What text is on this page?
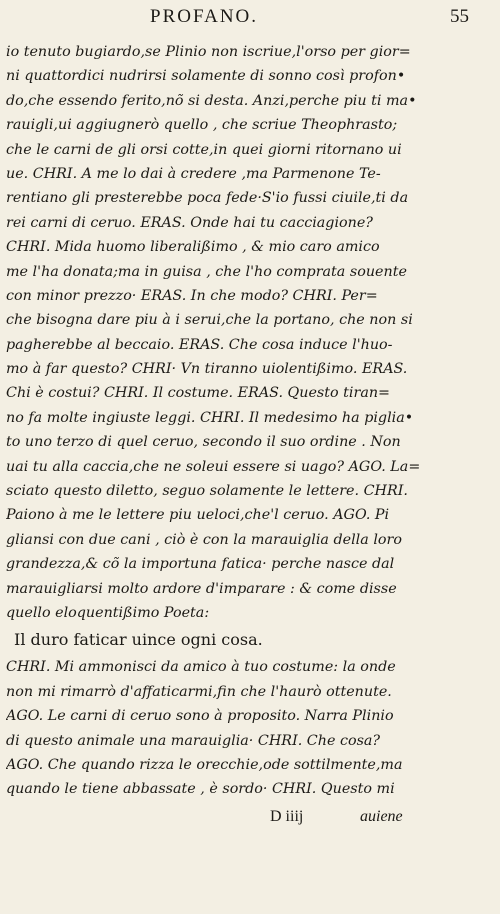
PROFANO.	55
io tenuto bugiardo,se Plinio non iscriue,l'orso per gior=
ni quattordici nudrirsi solamente di sonno così profon•
do,che essendo ferito,nõ si desta. Anzi,perche piu ti ma•
rauigli,ui aggiugnerò quello , che scriue Theophrasto;
che le carni de gli orsi cotte,in quei giorni ritornano ui
ue. CHRI. A me lo dai à credere ,ma Parmenone Te-
rentiano gli presterebbe poca fede·S'io fussi ciuile,ti da
rei carni di ceruo. ERAS. Onde hai tu cacciagione?
CHRI. Mida huomo liberalißimo , & mio caro amico
me l'ha donata;ma in guisa , che l'ho comprata souente
con minor prezzo· ERAS. In che modo? CHRI. Per=
che bisogna dare piu à i serui,che la portano, che non si
pagherebbe al beccaio. ERAS. Che cosa induce l'huo-
mo à far questo? CHRI· Vn tiranno uiolentißimo. ERAS.
Chi è costui? CHRI. Il costume. ERAS. Questo tiran=
no fa molte ingiuste leggi. CHRI. Il medesimo ha piglia•
to uno terzo di quel ceruo, secondo il suo ordine . Non
uai tu alla caccia,che ne soleui essere si uago? AGO. La=
sciato questo diletto, seguo solamente le lettere. CHRI.
Paiono à me le lettere piu ueloci,che'l ceruo. AGO. Pi
gliansi con due cani , ciò è con la marauiglia della loro
grandezza,& cõ la importuna fatica· perche nasce dal
marauigliarsi molto ardore d'imparare : & come disse
quello eloquentißimo Poeta:
Il duro faticar uince ogni cosa.
CHRI. Mi ammonisci da amico à tuo costume: la onde
non mi rimarrò d'affaticarmi,fin che l'haurò ottenute.
AGO. Le carni di ceruo sono à proposito. Narra Plinio
di questo animale una marauiglia· CHRI. Che cosa?
AGO. Che quando rizza le orecchie,ode sottilmente,ma
quando le tiene abbassate , è sordo· CHRI. Questo mi
D iiij	auiene
